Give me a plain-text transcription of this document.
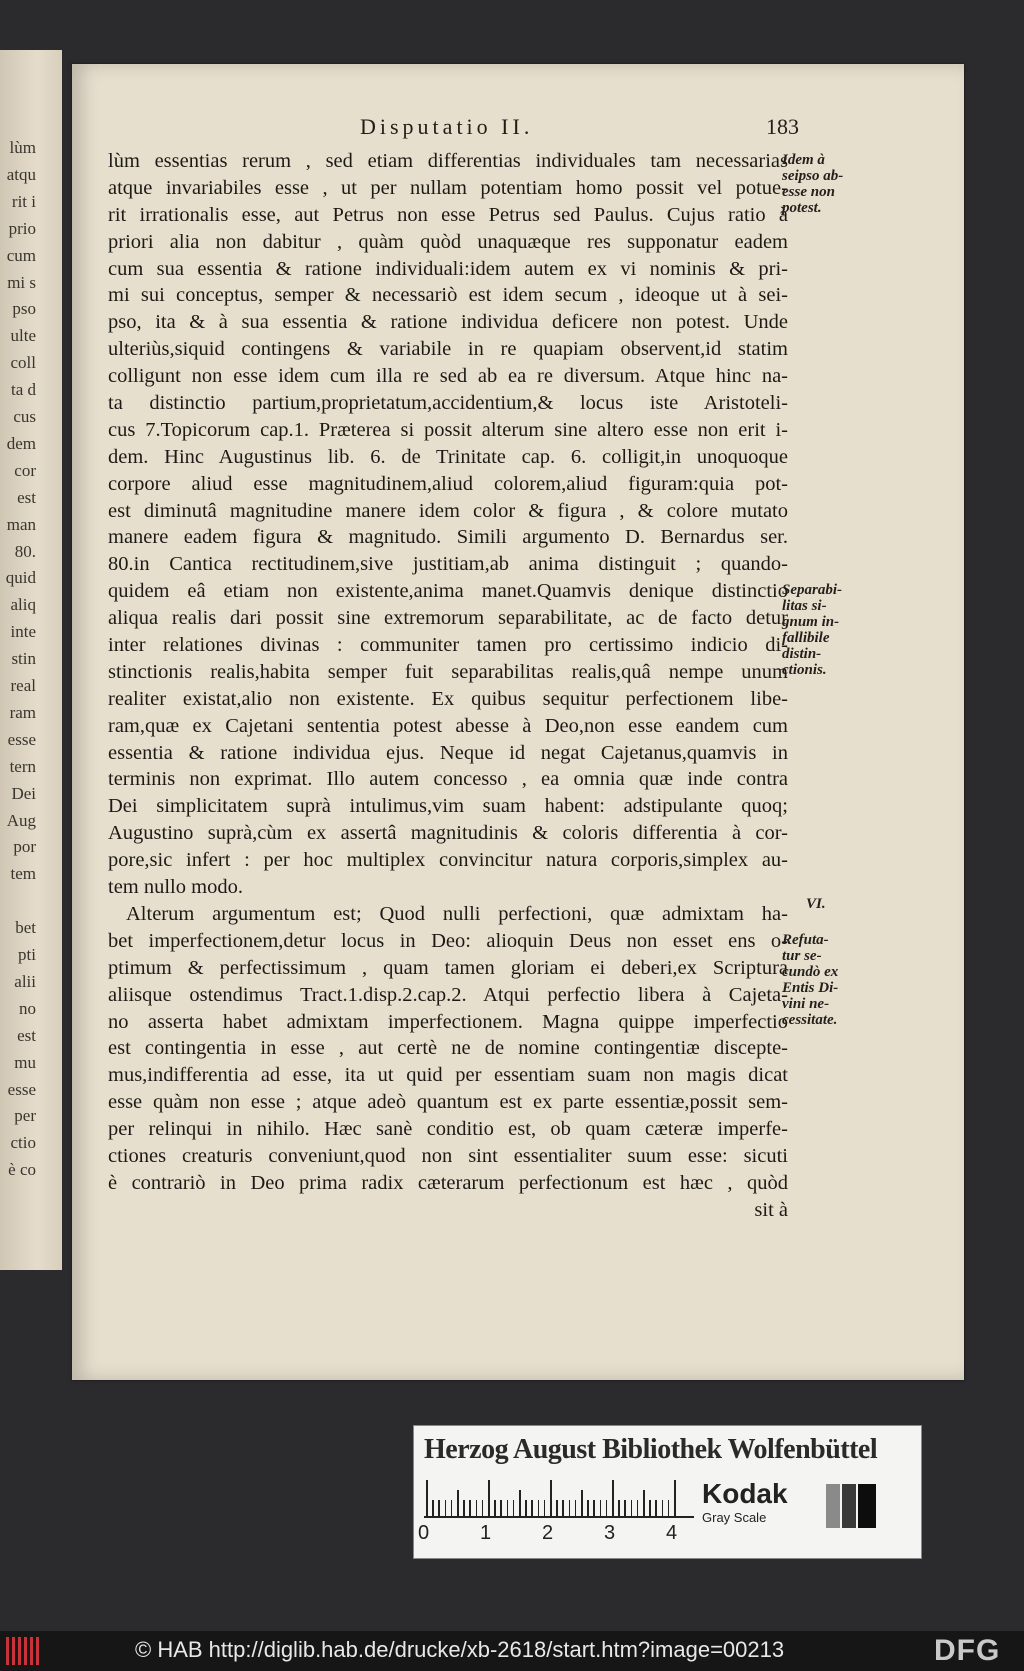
lùm
atqu
rit i
prio
cum
mi s
pso
ulte
coll
ta d
cus
dem
cor
est
man
80.
quid
aliq
inte
stin
real
ram
esse
tern
Dei
Aug
por
tem
bet
pti
alii
no
est
mu
esse
per
ctio
è co
Disputatio II.	183
lùm essentias rerum , sed etiam differentias individuales tam necessarias
atque invariabiles esse , ut per nullam potentiam homo possit vel potue-
rit irrationalis esse, aut Petrus non esse Petrus sed Paulus. Cujus ratio à
priori alia non dabitur , quàm quòd unaquæque res supponatur eadem
cum sua essentia & ratione individuali:idem autem ex vi nominis & pri-
mi sui conceptus, semper & necessariò est idem secum , ideoque ut à sei-
pso, ita & à sua essentia & ratione individua deficere non potest. Unde
ulteriùs,siquid contingens & variabile in re quapiam observent,id statim
colligunt non esse idem cum illa re sed ab ea re diversum. Atque hinc na-
ta distinctio partium,proprietatum,accidentium,& locus iste Aristoteli-
cus 7.Topicorum cap.1. Præterea si possit alterum sine altero esse non erit i-
dem. Hinc Augustinus lib. 6. de Trinitate cap. 6. colligit,in unoquoque
corpore aliud esse magnitudinem,aliud colorem,aliud figuram:quia pot-
est diminutâ magnitudine manere idem color & figura , & colore mutato
manere eadem figura & magnitudo. Simili argumento D. Bernardus ser.
80.in Cantica rectitudinem,sive justitiam,ab anima distinguit ; quando-
quidem eâ etiam non existente,anima manet.Quamvis denique distinctio
aliqua realis dari possit sine extremorum separabilitate, ac de facto detur
inter relationes divinas : communiter tamen pro certissimo indicio di-
stinctionis realis,habita semper fuit separabilitas realis,quâ nempe unum
realiter existat,alio non existente. Ex quibus sequitur perfectionem libe-
ram,quæ ex Cajetani sententia potest abesse à Deo,non esse eandem cum
essentia & ratione individua ejus. Neque id negat Cajetanus,quamvis in
terminis non exprimat. Illo autem concesso , ea omnia quæ inde contra
Dei simplicitatem suprà intulimus,vim suam habent: adstipulante quoq;
Augustino suprà,cùm ex assertâ magnitudinis & coloris differentia à cor-
pore,sic infert : per hoc multiplex convincitur natura corporis,simplex au-
tem nullo modo.
Alterum argumentum est; Quod nulli perfectioni, quæ admixtam ha-
bet imperfectionem,detur locus in Deo: alioquin Deus non esset ens o-
ptimum & perfectissimum , quam tamen gloriam ei deberi,ex Scriptura
aliisque ostendimus Tract.1.disp.2.cap.2. Atqui perfectio libera à Cajeta-
no asserta habet admixtam imperfectionem. Magna quippe imperfectio
est contingentia in esse , aut certè ne de nomine contingentiæ discepte-
mus,indifferentia ad esse, ita ut quid per essentiam suam non magis dicat
esse quàm non esse ; atque adeò quantum est ex parte essentiæ,possit sem-
per relinqui in nihilo. Hæc sanè conditio est, ob quam cæteræ imperfe-
ctiones creaturis conveniunt,quod non sint essentialiter suum esse: sicuti
è contrariò in Deo prima radix cæterarum perfectionum est hæc , quòd
sit à
Idem à
seipso ab-
esse non
potest.
Separabi-
litas si-
gnum in-
fallibile
distin-
ctionis.
VI.
Refuta-
tur se-
cundò ex
Entis Di-
vini ne-
cessitate.
Herzog August Bibliothek Wolfenbüttel
0	1	2	3	4
Kodak
Gray Scale
© HAB http://diglib.hab.de/drucke/xb-2618/start.htm?image=00213	DFG
